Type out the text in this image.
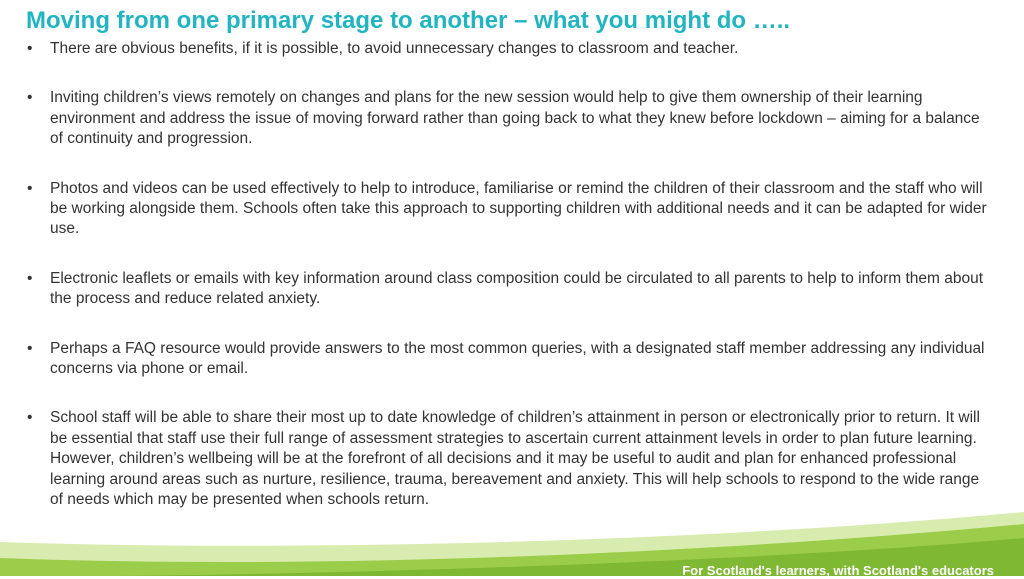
Moving from one primary stage to another – what you might do …..
• There are obvious benefits, if it is possible, to avoid unnecessary changes to classroom and teacher.
• Inviting children’s views remotely on changes and plans for the new session would help to give them ownership of their learning environment and address the issue of moving forward rather than going back to what they knew before lockdown – aiming for a balance of continuity and progression.
• Photos and videos can be used effectively to help to introduce, familiarise or remind the children of their classroom and the staff who will be working alongside them. Schools often take this approach to supporting children with additional needs and it can be adapted for wider use.
• Electronic leaflets or emails with key information around class composition could be circulated to all parents to help to inform them about the process and reduce related anxiety.
• Perhaps a FAQ resource would provide answers to the most common queries, with a designated staff member addressing any individual concerns via phone or email.
• School staff will be able to share their most up to date knowledge of children’s attainment in person or electronically prior to return. It will be essential that staff use their full range of assessment strategies to ascertain current attainment levels in order to plan future learning. However, children’s wellbeing will be at the forefront of all decisions and it may be useful to audit and plan for enhanced professional learning around areas such as nurture, resilience, trauma, bereavement and anxiety. This will help schools to respond to the wide range of needs which may be presented when schools return.
For Scotland's learners, with Scotland's educators
